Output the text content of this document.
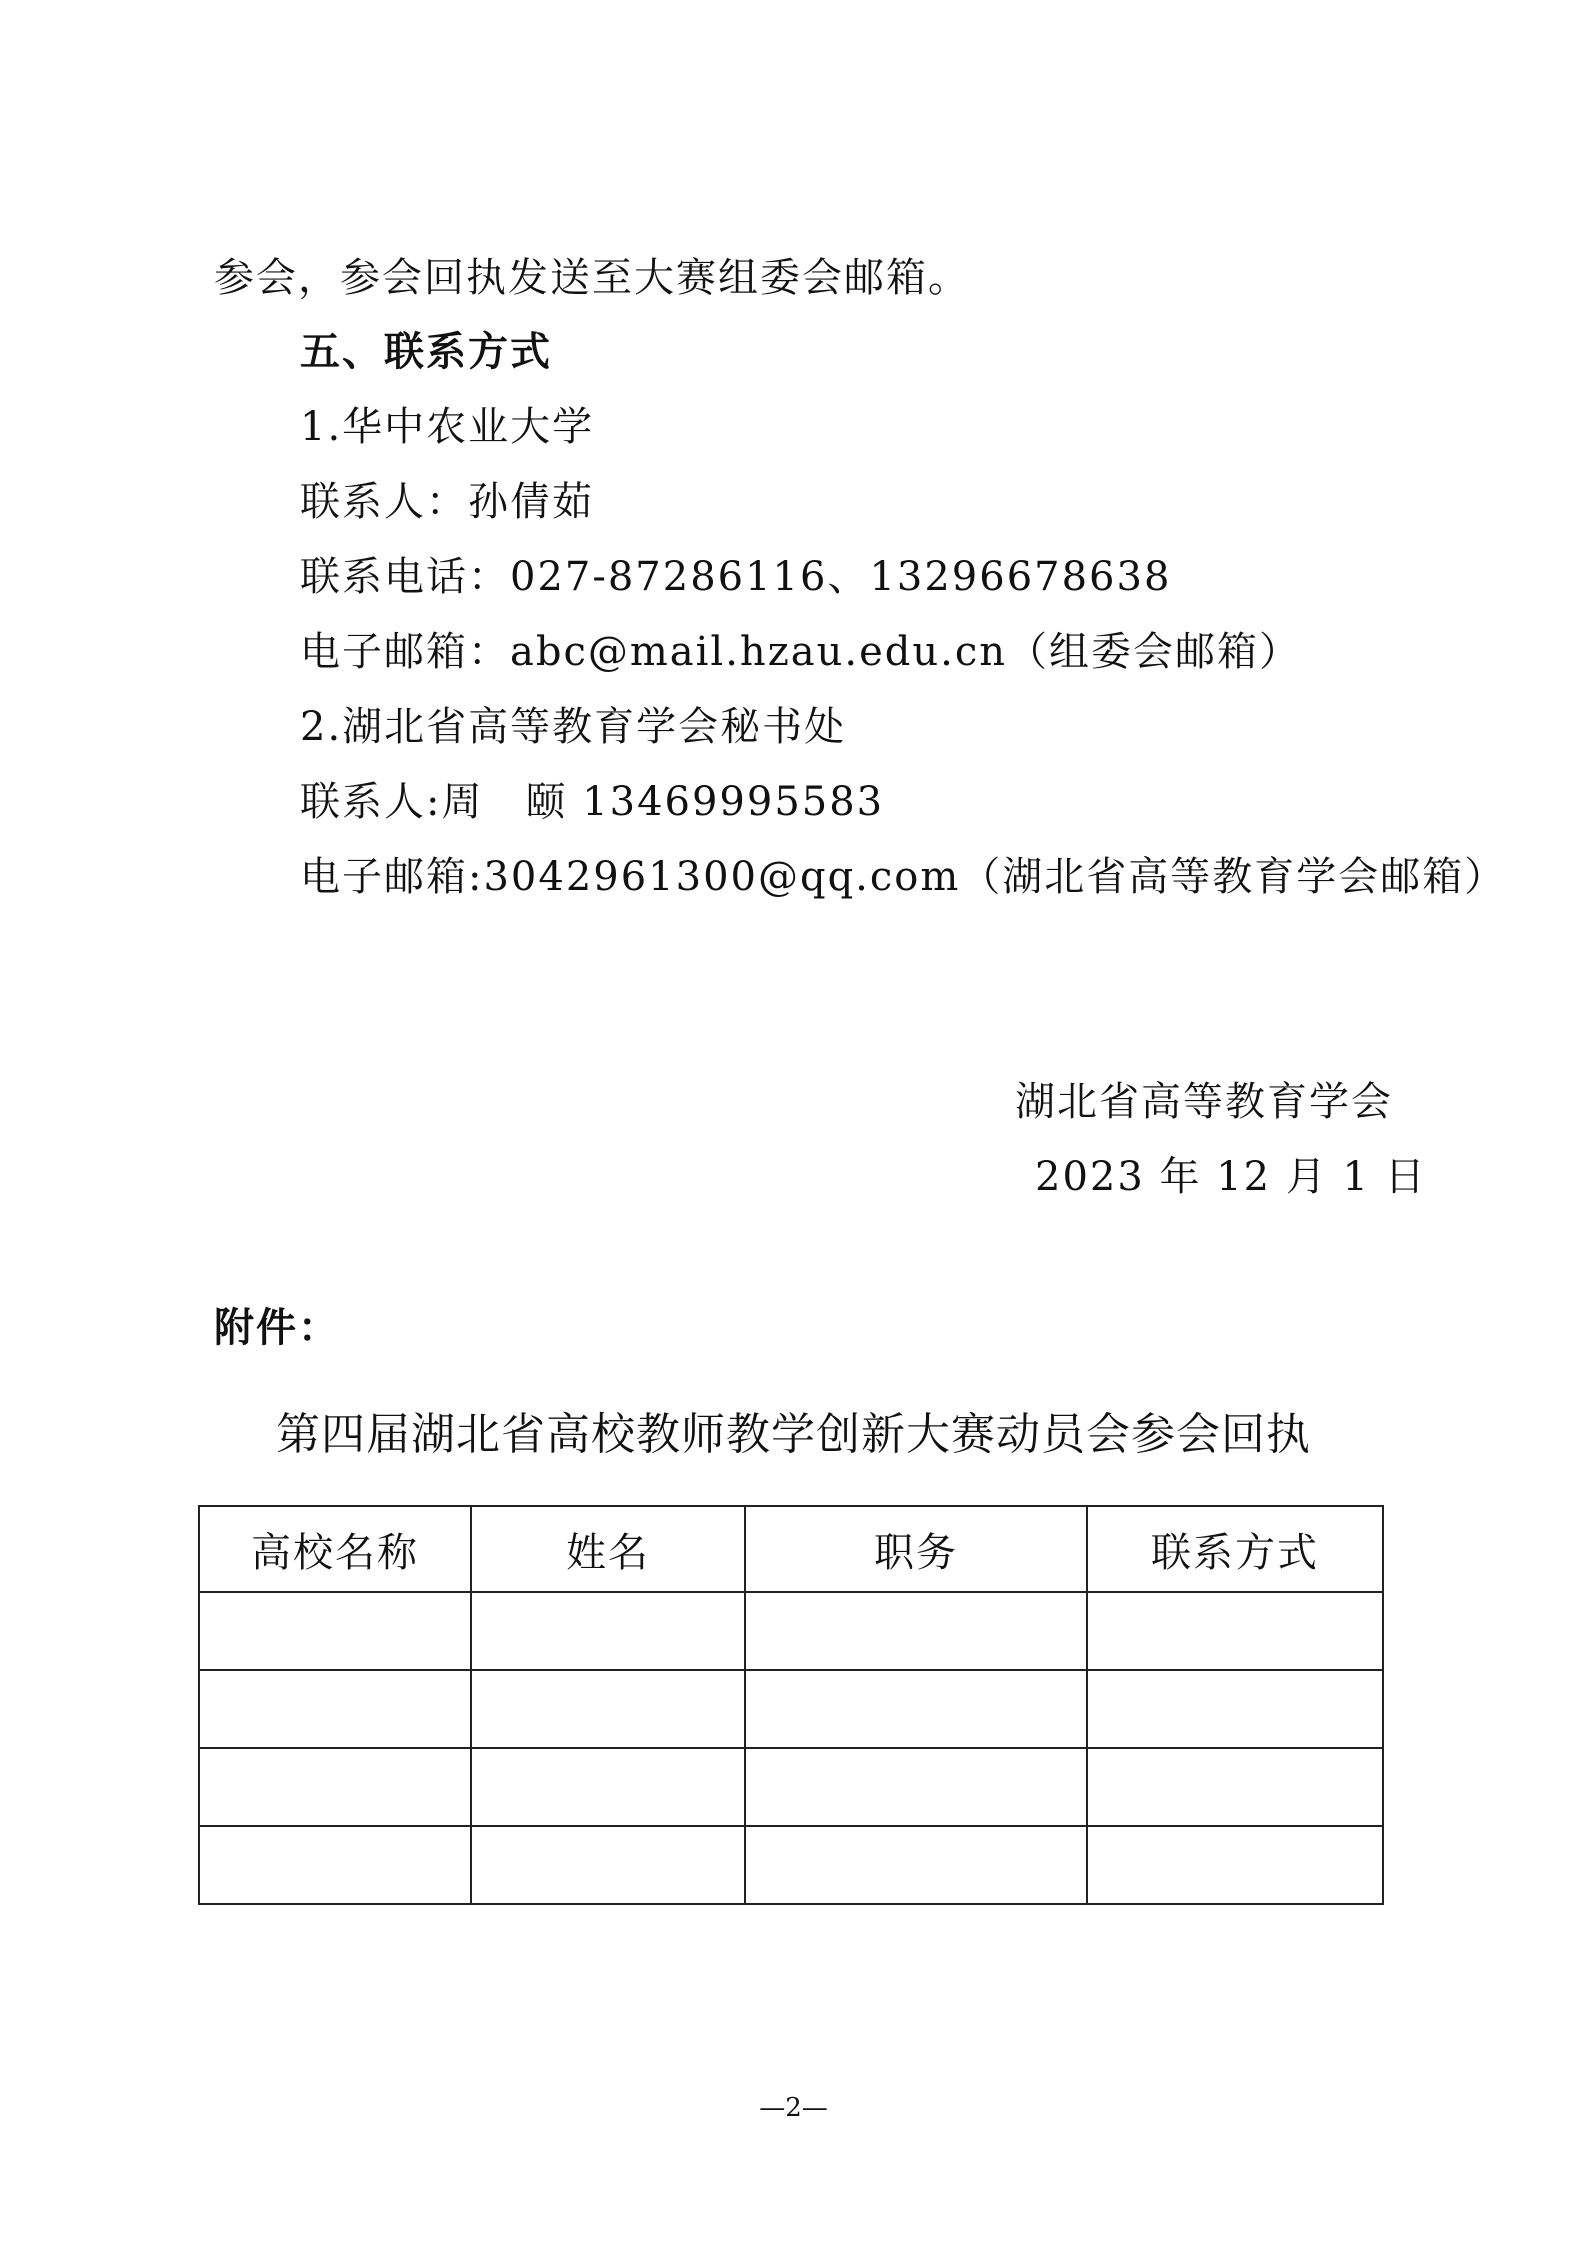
参会，参会回执发送至大赛组委会邮箱。
五、联系方式
1.华中农业大学
联系人：孙倩茹
联系电话：027-87286116、13296678638
电子邮箱：abc@mail.hzau.edu.cn（组委会邮箱）
2.湖北省高等教育学会秘书处
联系人:周　颐 13469995583
电子邮箱:3042961300@qq.com（湖北省高等教育学会邮箱）
湖北省高等教育学会
2023 年 12 月 1 日
附件：
第四届湖北省高校教师教学创新大赛动员会参会回执
高校名称	姓名	职务	联系方式

—2—
